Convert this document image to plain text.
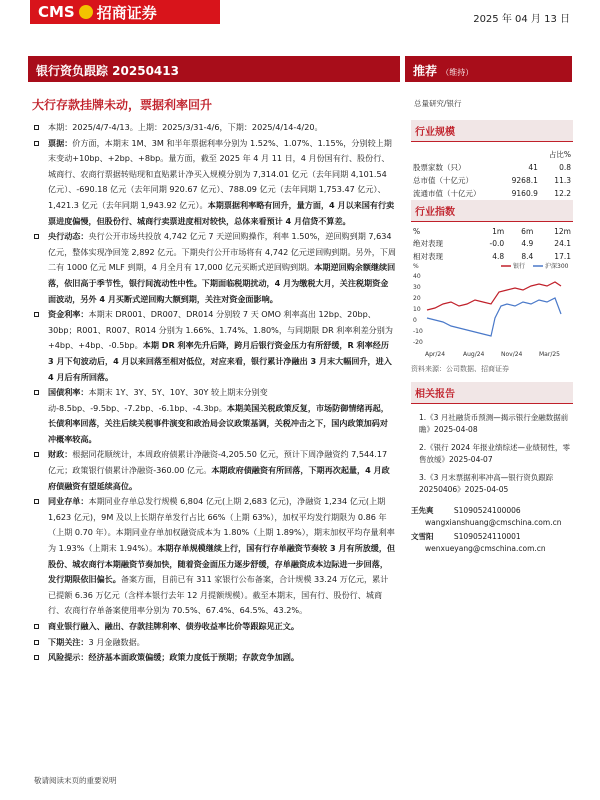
CMS 招商证券	2025 年 04 月 13 日
银行资负跟踪 20250413	推荐 （维持）
大行存款挂牌未动，票据利率回升	总量研究/银行
本期：2025/4/7-4/13。上期：2025/3/31-4/6，下期：2025/4/14-4/20。
票据：价方面，本期末 1M、3M 和半年票据利率分别为 1.52%、1.07%、1.15%，分别较上期末变动+10bp、+2bp、+8bp。量方面，截至 2025 年 4 月 11 日，4 月份国有行、股份行、城商行、农商行票据转贴现和直贴累计净买入规模分别为 7,314.01 亿元（去年同期 4,101.54 亿元）、-690.18 亿元（去年同期 920.67 亿元）、788.09 亿元（去年同期 1,753.47 亿元）、1,421.3 亿元（去年同期 1,943.92 亿元）。本期票据利率略有回升，量方面，4 月以来国有行卖票进度偏慢，但股份行、城商行卖票进度相对较快，总体来看预计 4 月信贷不算差。
央行动态：央行公开市场共投放 4,742 亿元 7 天逆回购操作，利率 1.50%，逆回购到期 7,634 亿元，整体实现净回笼 2,892 亿元。下期央行公开市场将有 4,742 亿元逆回购到期。另外，下周二有 1000 亿元 MLF 到期，4 月全月有 17,000 亿元买断式逆回购到期。本期逆回购余额继续回落，依旧高于季节性，银行间流动性中性。下期面临税期扰动，4 月为缴税大月，关注税期资金面波动，另外 4 月买断式逆回购大额到期，关注对资金面影响。
资金利率：本期末 DR001、DR007、DR014 分别较 7 天 OMO 利率高出 12bp、20bp、30bp；R001、R007、R014 分别为 1.66%、1.74%、1.80%，与同期限 DR 利率利差分别为+4bp、+4bp、-0.5bp。本期 DR 利率先升后降，跨月后银行资金压力有所舒缓，R 利率经历 3 月下旬波动后，4 月以来回落至相对低位，对应来看，银行累计净融出 3 月末大幅回升，进入 4 月后有所回落。
国债利率：本期末 1Y、3Y、5Y、10Y、30Y 较上期末分别变动-8.5bp、-9.5bp、-7.2bp、-6.1bp、-4.3bp。本期美国关税政策反复，市场防御情绪再起，长债利率回落，关注后续关税事件演变和政治局会议政策基调，关税冲击之下，国内政策加码对冲概率较高。
财政：根据同花顺统计，本周政府债累计净融资-4,205.50 亿元，预计下周净融资约 7,544.17 亿元；政策银行债累计净融资-360.00 亿元。本期政府债融资有所回落，下期再次起量，4 月政府债融资有望延续高位。
同业存单：本期同业存单总发行规模 6,804 亿元(上期 2,683 亿元)，净融资 1,234 亿元(上期 1,623 亿元)，9M 及以上长期存单发行占比 66%（上期 63%），加权平均发行期限为 0.86 年（上期 0.70 年）。本期同业存单加权融资成本为 1.80%（上期 1.89%），期末加权平均存量利率为 1.93%（上期末 1.94%）。本期存单规模继续上行，国有行存单融资节奏较 3 月有所放缓，但股份、城农商行本期融资节奏加快，随着资金面压力逐步舒缓，存单融资成本边际进一步回落，发行期限依旧偏长。备案方面，目前已有 311 家银行公布备案，合计规模 33.24 万亿元，累计已提额 6.36 万亿元（含样本银行去年 12 月提额规模）。截至本期末，国有行、股份行、城商行、农商行存单备案使用率分别为 70.5%、67.4%、64.5%、43.2%。
商业银行融入、融出、存款挂牌利率、债券收益率比价等跟踪见正文。
下期关注：3 月金融数据。
风险提示：经济基本面政策偏缓；政策力度低于预期；存款竞争加剧。
行业规模
		占比%
股票家数（只）	41	0.8
总市值（十亿元）	9268.1	11.3
流通市值（十亿元）	9160.9	12.2
行业指数
%	1m	6m	12m
绝对表现	-0.0	4.9	24.1
相对表现	4.8	8.4	17.1
%
40
30
20
10
0
-10
-20
银行	沪深300
Apr/24	Aug/24	Nov/24	Mar/25
资料来源：公司数据、招商证券
相关报告
1.《3 月社融货币预测—揭示银行金融数据前瞻》2025-04-08
2.《银行 2024 年报业绩综述—业绩韧性，零售放缓》2025-04-07
3.《3 月末票据利率冲高—银行资负跟踪 20250406》2025-04-05
王先爽	S1090524100006
wangxianshuang@cmschina.com.cn
文雪阳	S1090524110001
wenxueyang@cmschina.com.cn
敬请阅读末页的重要说明
